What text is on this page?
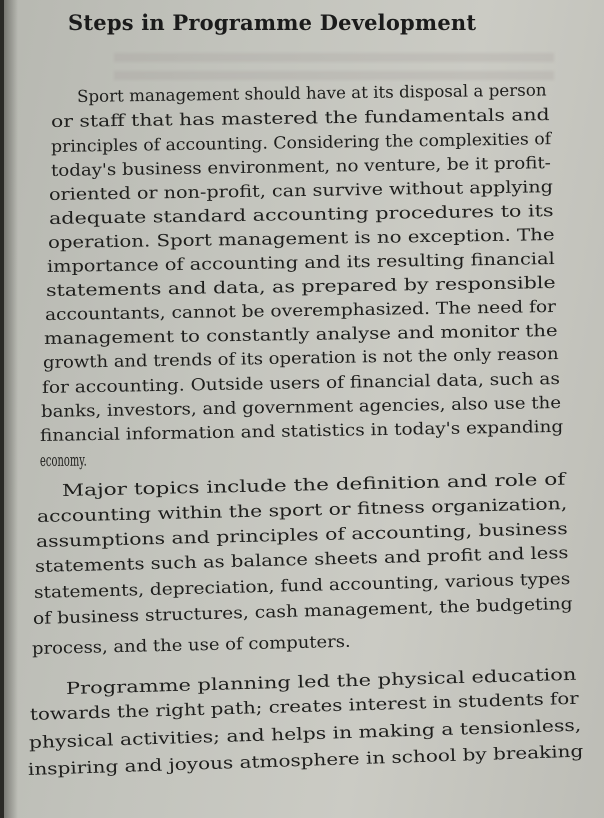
Steps in Programme Development
Sport management should have at its disposal a person
or staff that has mastered the fundamentals and
principles of accounting. Considering the complexities of
today's business environment, no venture, be it profit-
oriented or non-profit, can survive without applying
adequate standard accounting procedures to its
operation. Sport management is no exception. The
importance of accounting and its resulting financial
statements and data, as prepared by responsible
accountants, cannot be overemphasized. The need for
management to constantly analyse and monitor the
growth and trends of its operation is not the only reason
for accounting. Outside users of financial data, such as
banks, investors, and government agencies, also use the
financial information and statistics in today's expanding
economy.
Major topics include the definition and role of
accounting within the sport or fitness organization,
assumptions and principles of accounting, business
statements such as balance sheets and profit and less
statements, depreciation, fund accounting, various types
of business structures, cash management, the budgeting
process, and the use of computers.
Programme planning led the physical education
towards the right path; creates interest in students for
physical activities; and helps in making a tensionless,
inspiring and joyous atmosphere in school by breaking
